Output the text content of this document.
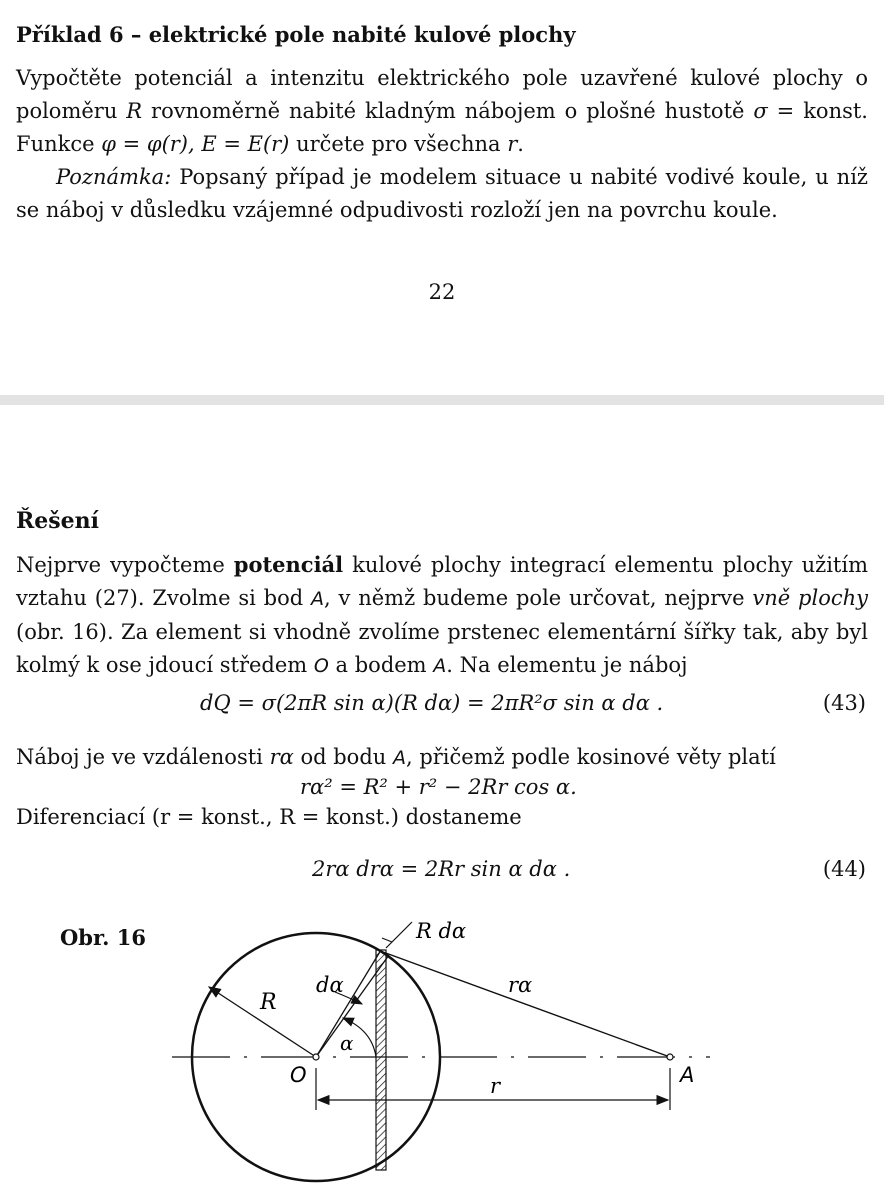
Příklad 6 – elektrické pole nabité kulové plochy

Vypočtěte potenciál a intenzitu elektrického pole uzavřené kulové plochy o poloměru R rovnoměrně nabité kladným nábojem o plošné hustotě σ = konst. Funkce φ = φ(r), E = E(r) určete pro všechna r.

Poznámka: Popsaný případ je modelem situace u nabité vodivé koule, u níž se náboj v důsledku vzájemné odpudivosti rozloží jen na povrchu koule.

22
Řešení

Nejprve vypočteme potenciál kulové plochy integrací elementu plochy užitím vztahu (27). Zvolme si bod A, v němž budeme pole určovat, nejprve vně plochy (obr. 16). Za element si vhodně zvolíme prstenec elementární šířky tak, aby byl kolmý k ose jdoucí středem O a bodem A. Na elementu je náboj

dQ = σ(2πR sin α)(R dα) = 2πR²σ sin α dα .	(43)
Náboj je ve vzdálenosti rα od bodu A, přičemž podle kosinové věty platí
rα² = R² + r² − 2Rr cos α.
Diferenciací (r = konst., R = konst.) dostaneme
2rα drα = 2Rr sin α dα .	(44)
Obr. 16
R
dα
α
R dα
rα
O	A
r
